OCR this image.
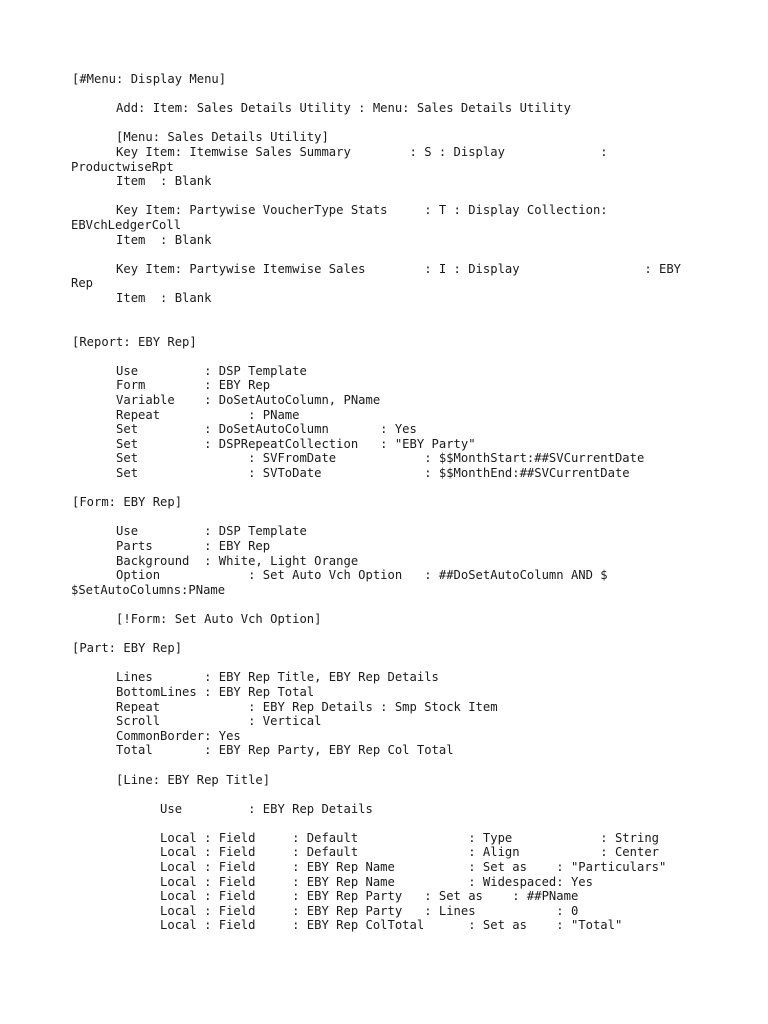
[#Menu: Display Menu]
Add: Item: Sales Details Utility : Menu: Sales Details Utility
[Menu: Sales Details Utility]
Key Item: Itemwise Sales Summary        : S : Display             :
ProductwiseRpt
Item  : Blank
Key Item: Partywise VoucherType Stats     : T : Display Collection:
EBVchLedgerColl
Item  : Blank
Key Item: Partywise Itemwise Sales        : I : Display                 : EBY
Rep
Item  : Blank
[Report: EBY Rep]
Use         : DSP Template
Form        : EBY Rep
Variable    : DoSetAutoColumn, PName
Repeat            : PName
Set         : DoSetAutoColumn       : Yes
Set         : DSPRepeatCollection   : "EBY Party"
Set               : SVFromDate            : $$MonthStart:##SVCurrentDate
Set               : SVToDate              : $$MonthEnd:##SVCurrentDate
[Form: EBY Rep]
Use         : DSP Template
Parts       : EBY Rep
Background  : White, Light Orange
Option            : Set Auto Vch Option   : ##DoSetAutoColumn AND $
$SetAutoColumns:PName
[!Form: Set Auto Vch Option]
[Part: EBY Rep]
Lines       : EBY Rep Title, EBY Rep Details
BottomLines : EBY Rep Total
Repeat            : EBY Rep Details : Smp Stock Item
Scroll            : Vertical
CommonBorder: Yes
Total       : EBY Rep Party, EBY Rep Col Total
[Line: EBY Rep Title]
Use         : EBY Rep Details
Local : Field     : Default               : Type            : String
Local : Field     : Default               : Align           : Center
Local : Field     : EBY Rep Name          : Set as    : "Particulars"
Local : Field     : EBY Rep Name          : Widespaced: Yes
Local : Field     : EBY Rep Party   : Set as    : ##PName
Local : Field     : EBY Rep Party   : Lines           : 0
Local : Field     : EBY Rep ColTotal      : Set as    : "Total"
